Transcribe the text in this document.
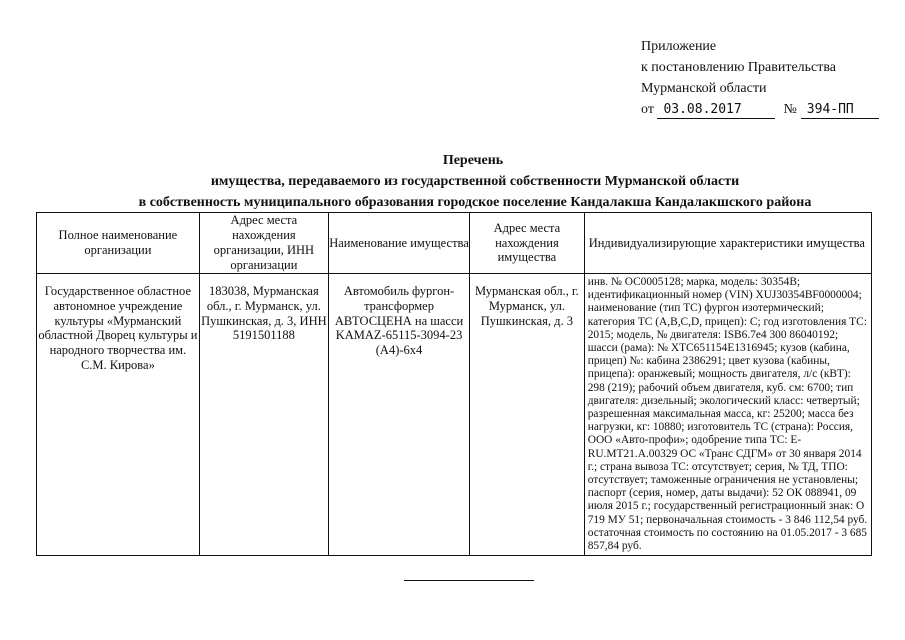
Приложение
к постановлению Правительства
Мурманской области
от 03.08.2017	№ 394-ПП
Перечень
имущества, передаваемого из государственной собственности Мурманской области
в собственность муниципального образования городское поселение Кандалакша Кандалакшского района
Полное наименование организации	Адрес места нахождения организации, ИНН организации	Наименование имущества	Адрес места нахождения имущества	Индивидуализирующие характеристики имущества
Государственное областное автономное учреждение культуры «Мурманский областной Дворец культуры и народного творчества им. С.М. Кирова»	183038, Мурманская обл., г. Мурманск, ул. Пушкинская, д. 3, ИНН 5191501188	Автомобиль фургон-трансформер АВТОСЦЕНА на шасси KAMAZ-65115-3094-23 (A4)-6x4	Мурманская обл., г. Мурманск, ул. Пушкинская, д. 3	инв. № ОС0005128; марка, модель: 30354B; идентификационный номер (VIN) XUJ30354BF0000004; наименование (тип ТС) фургон изотермический; категория ТС (A,B,C,D, прицеп): С; год изготовления ТС: 2015; модель, № двигателя: ISB6.7e4 300 86040192; шасси (рама): № XTC651154E1316945; кузов (кабина, прицеп) №: кабина 2386291; цвет кузова (кабины, прицепа): оранжевый; мощность двигателя, л/с (кВТ): 298 (219); рабочий объем двигателя, куб. см: 6700; тип двигателя: дизельный; экологический класс: четвертый; разрешенная максимальная масса, кг: 25200; масса без нагрузки, кг: 10880; изготовитель ТС (страна): Россия, ООО «Авто-профи»; одобрение типа ТС: E-RU.MT21.A.00329 ОС «Транс СДГМ» от 30 января 2014 г.; страна вывоза ТС: отсутствует; серия, № ТД, ТПО: отсутствует; таможенные ограничения не установлены; паспорт (серия, номер, даты выдачи): 52 ОК 088941, 09 июля 2015 г.; государственный регистрационный знак: О 719 МУ 51; первоначальная стоимость - 3 846 112,54 руб. остаточная стоимость по состоянию на 01.05.2017 - 3 685 857,84 руб.
